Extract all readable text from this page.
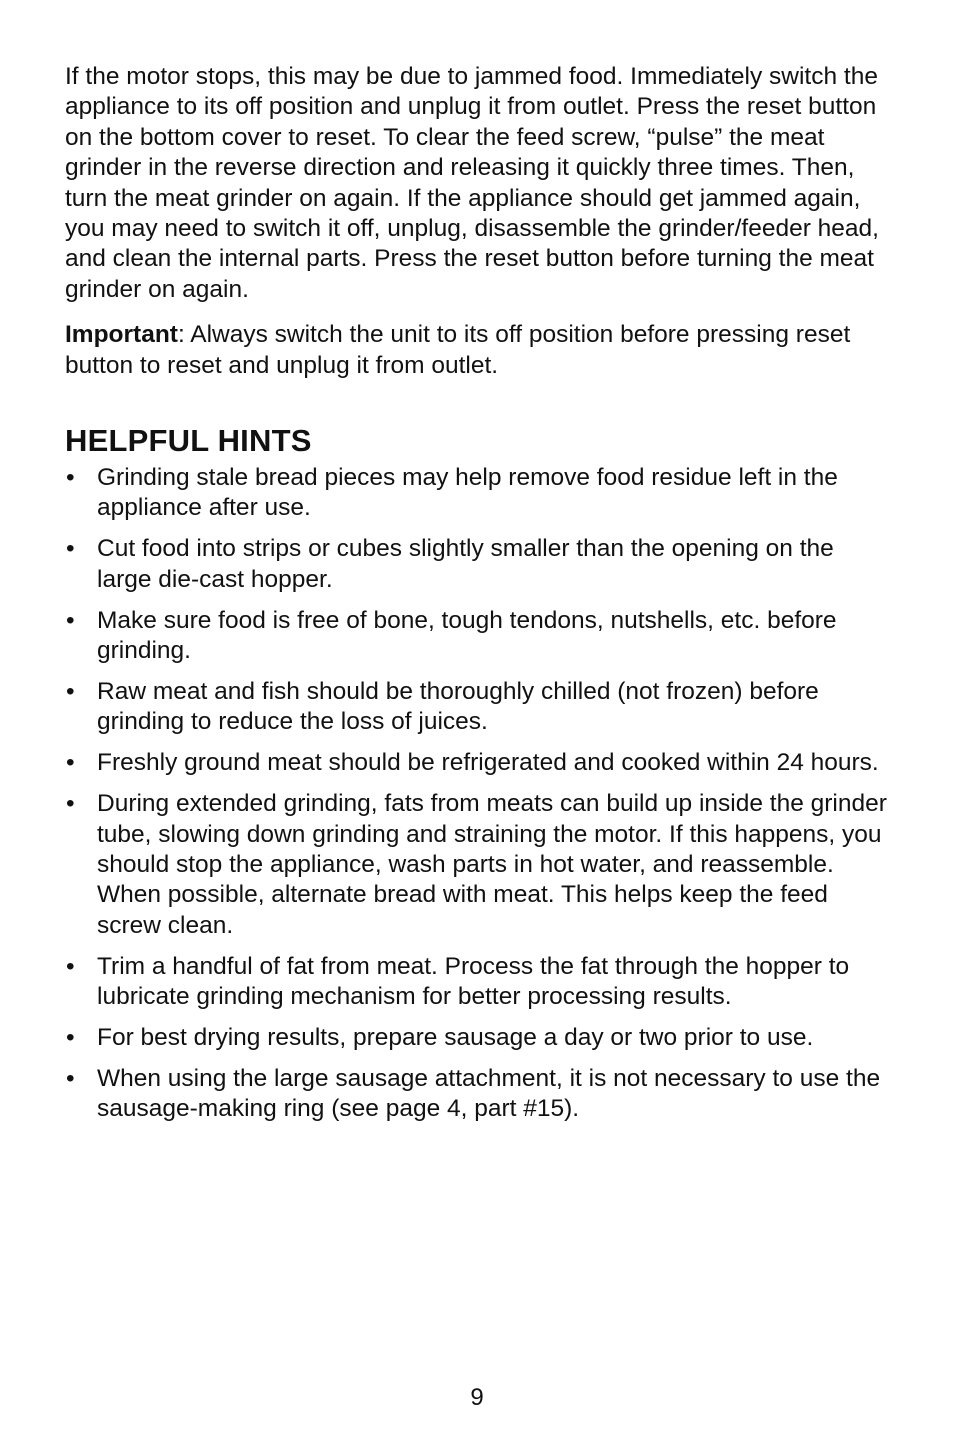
If the motor stops, this may be due to jammed food. Immediately switch the appliance to its off position and unplug it from outlet. Press the reset button on the bottom cover to reset. To clear the feed screw, “pulse” the meat grinder in the reverse direction and releasing it quickly three times. Then, turn the meat grinder on again. If the appliance should get jammed again, you may need to switch it off, unplug, disassemble the grinder/feeder head, and clean the internal parts. Press the reset button before turning the meat grinder on again.

Important: Always switch the unit to its off position before pressing reset button to reset and unplug it from outlet.

HELPFUL HINTS
• Grinding stale bread pieces may help remove food residue left in the appliance after use.
• Cut food into strips or cubes slightly smaller than the opening on the large die-cast hopper.
• Make sure food is free of bone, tough tendons, nutshells, etc. before grinding.
• Raw meat and fish should be thoroughly chilled (not frozen) before grinding to reduce the loss of juices.
• Freshly ground meat should be refrigerated and cooked within 24 hours.
• During extended grinding, fats from meats can build up inside the grinder tube, slowing down grinding and straining the motor. If this happens, you should stop the appliance, wash parts in hot water, and reassemble. When possible, alternate bread with meat. This helps keep the feed screw clean.
• Trim a handful of fat from meat. Process the fat through the hopper to lubricate grinding mechanism for better processing results.
• For best drying results, prepare sausage a day or two prior to use.
• When using the large sausage attachment, it is not necessary to use the sausage-making ring (see page 4, part #15).
9
